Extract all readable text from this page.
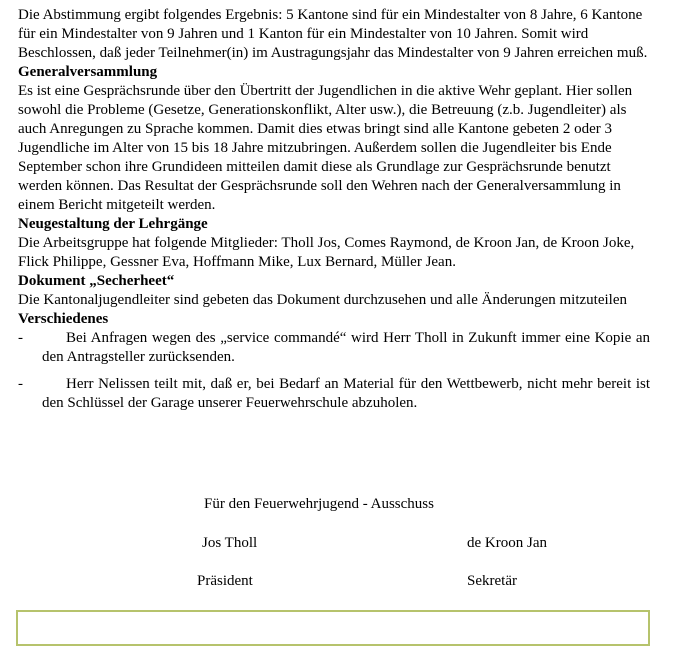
Die Abstimmung ergibt folgendes Ergebnis: 5 Kantone sind für ein Mindestalter von 8 Jahre, 6 Kantone für ein Mindestalter von 9 Jahren und 1 Kanton für ein Mindestalter von 10 Jahren. Somit wird Beschlossen, daß jeder Teilnehmer(in) im Austragungsjahr das Mindestalter von 9 Jahren erreichen muß.

Generalversammlung

Es ist eine Gesprächsrunde über den Übertritt der Jugendlichen in die aktive Wehr geplant. Hier sollen sowohl die Probleme (Gesetze, Generationskonflikt, Alter usw.), die Betreuung (z.b. Jugendleiter) als auch Anregungen zu Sprache kommen. Damit dies etwas bringt sind alle Kantone gebeten 2 oder 3 Jugendliche im Alter von 15 bis 18 Jahre mitzubringen. Außerdem sollen die Jugendleiter bis Ende September schon ihre Grundideen mitteilen damit diese als Grundlage zur Gesprächsrunde benutzt werden können. Das Resultat der Gesprächsrunde soll den Wehren nach der Generalversammlung in einem Bericht mitgeteilt werden.

Neugestaltung der Lehrgänge

Die Arbeitsgruppe hat folgende Mitglieder: Tholl Jos, Comes Raymond, de Kroon Jan, de Kroon Joke, Flick Philippe, Gessner Eva, Hoffmann Mike, Lux Bernard, Müller Jean.

Dokument „Secherheet“

Die Kantonaljugendleiter sind gebeten das Dokument durchzusehen und alle Änderungen mitzuteilen

Verschiedenes
-	Bei Anfragen wegen des „service commandé“ wird Herr Tholl in Zukunft immer eine Kopie an den Antragsteller zurücksenden.
-	Herr Nelissen teilt mit, daß er, bei Bedarf an Material für den Wettbewerb, nicht mehr bereit ist den Schlüssel der Garage unserer Feuerwehrschule abzuholen.
Für den Feuerwehrjugend - Ausschuss
Jos Tholl	de Kroon Jan
Präsident	Sekretär
